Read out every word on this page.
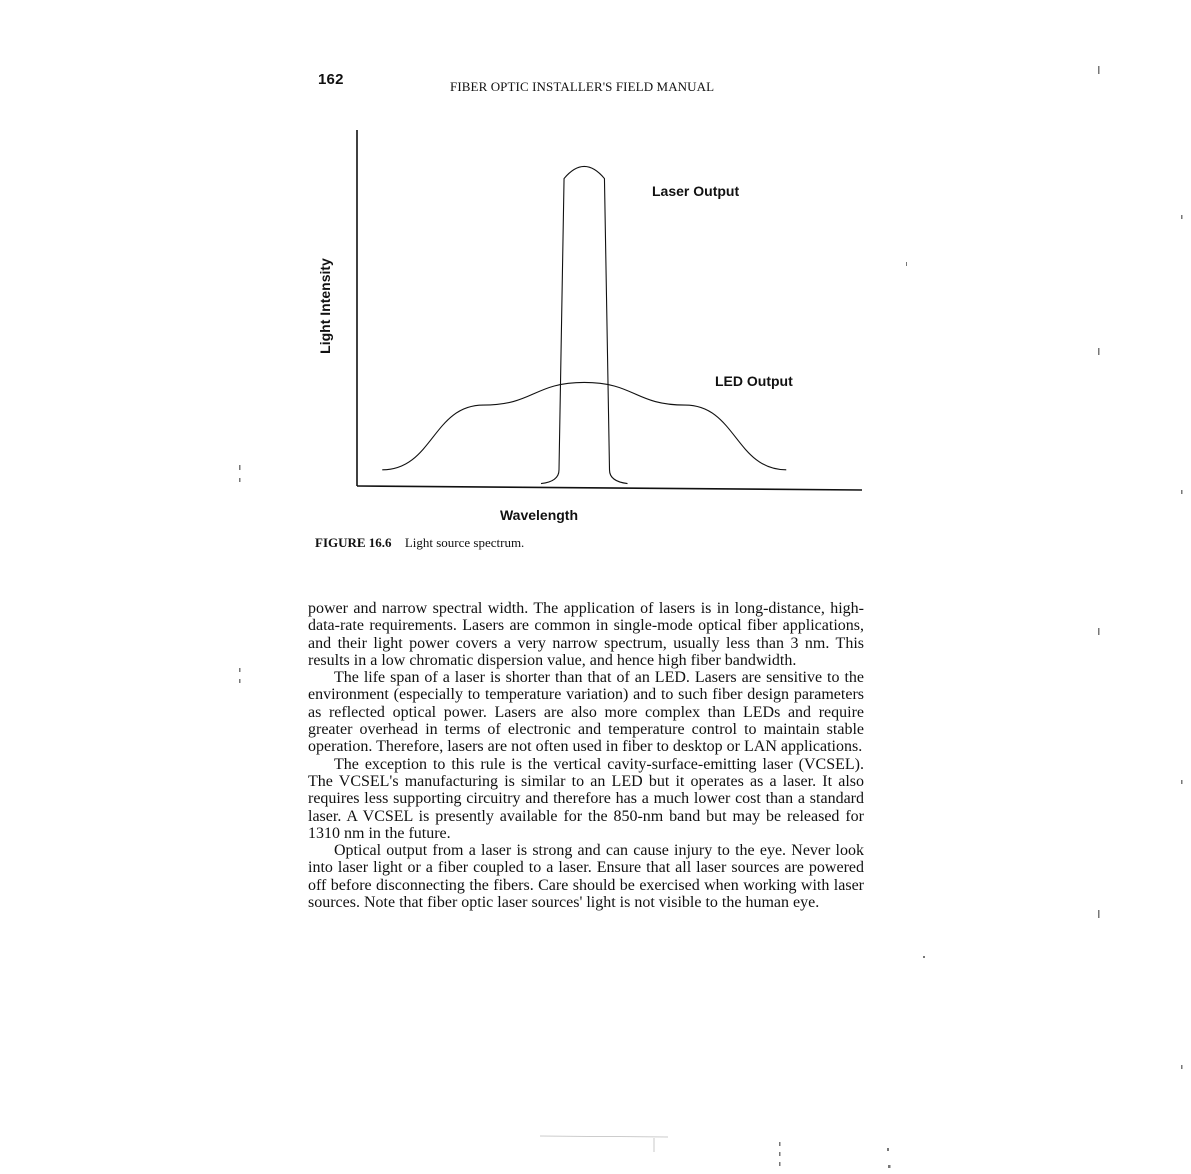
162	FIBER OPTIC INSTALLER'S FIELD MANUAL
Laser Output
LED Output
Wavelength
Light Intensity
FIGURE 16.6 Light source spectrum.

power and narrow spectral width. The application of lasers is in long-distance, high-data-rate requirements. Lasers are common in single-mode optical fiber applications, and their light power covers a very narrow spectrum, usually less than 3 nm. This results in a low chromatic dispersion value, and hence high fiber bandwidth.

The life span of a laser is shorter than that of an LED. Lasers are sensitive to the environment (especially to temperature variation) and to such fiber design parameters as reflected optical power. Lasers are also more complex than LEDs and require greater overhead in terms of electronic and temperature control to maintain stable operation. Therefore, lasers are not often used in fiber to desktop or LAN applications.

The exception to this rule is the vertical cavity-surface-emitting laser (VCSEL). The VCSEL's manufacturing is similar to an LED but it operates as a laser. It also requires less supporting circuitry and therefore has a much lower cost than a standard laser. A VCSEL is presently available for the 850-nm band but may be released for 1310 nm in the future.

Optical output from a laser is strong and can cause injury to the eye. Never look into laser light or a fiber coupled to a laser. Ensure that all laser sources are powered off before disconnecting the fibers. Care should be exercised when working with laser sources. Note that fiber optic laser sources' light is not visible to the human eye.
